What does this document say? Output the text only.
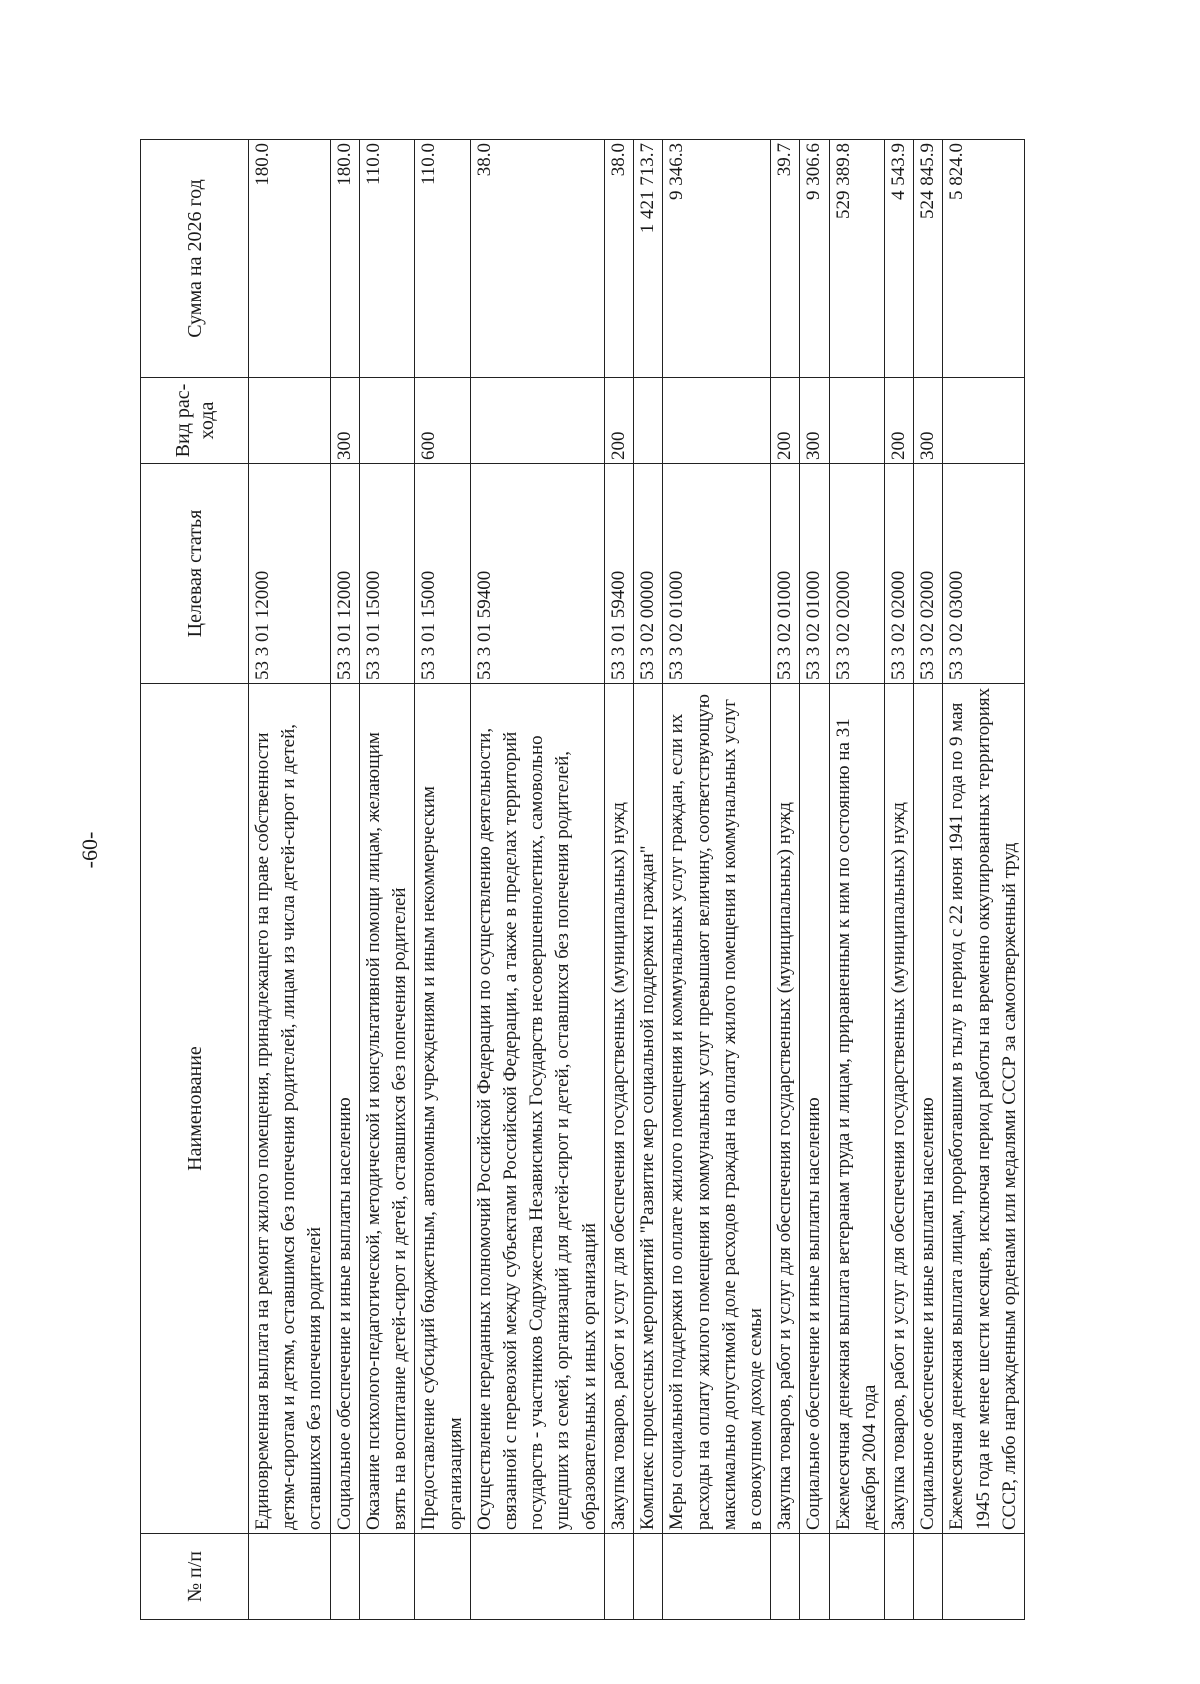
-60-
№ п/п	Наименование	Целевая статья	Вид рас-хода	Сумма на 2026 год
	Единовременная выплата на ремонт жилого помещения, принадлежащего на праве собственности детям-сиротам и детям, оставшимся без попечения родителей, лицам из числа детей-сирот и детей, оставшихся без попечения родителей	53 3 01 12000		180.0
	Социальное обеспечение и иные выплаты населению	53 3 01 12000	300	180.0
	Оказание психолого-педагогической, методической и консультативной помощи лицам, желающим взять на воспитание детей-сирот и детей, оставшихся без попечения родителей	53 3 01 15000		110.0
	Предоставление субсидий бюджетным, автономным учреждениям и иным некоммерческим организациям	53 3 01 15000	600	110.0
	Осуществление переданных полномочий Российской Федерации по осуществлению деятельности, связанной с перевозкой между субъектами Российской Федерации, а также в пределах территорий государств - участников Содружества Независимых Государств несовершеннолетних, самовольно ушедших из семей, организаций для детей-сирот и детей, оставшихся без попечения родителей, образовательных и иных организаций	53 3 01 59400		38.0
	Закупка товаров, работ и услуг для обеспечения государственных (муниципальных) нужд	53 3 01 59400	200	38.0
	Комплекс процессных мероприятий "Развитие мер социальной поддержки граждан"	53 3 02 00000		1 421 713.7
	Меры социальной поддержки по оплате жилого помещения и коммунальных услуг граждан, если их расходы на оплату жилого помещения и коммунальных услуг превышают величину, соответствующую максимально допустимой доле расходов граждан на оплату жилого помещения и коммунальных услуг в совокупном доходе семьи	53 3 02 01000		9 346.3
	Закупка товаров, работ и услуг для обеспечения государственных (муниципальных) нужд	53 3 02 01000	200	39.7
	Социальное обеспечение и иные выплаты населению	53 3 02 01000	300	9 306.6
	Ежемесячная денежная выплата ветеранам труда и лицам, приравненным к ним по состоянию на 31 декабря 2004 года	53 3 02 02000		529 389.8
	Закупка товаров, работ и услуг для обеспечения государственных (муниципальных) нужд	53 3 02 02000	200	4 543.9
	Социальное обеспечение и иные выплаты населению	53 3 02 02000	300	524 845.9
	Ежемесячная денежная выплата лицам, проработавшим в тылу в период с 22 июня 1941 года по 9 мая 1945 года не менее шести месяцев, исключая период работы на временно оккупированных территориях СССР, либо награжденным орденами или медалями СССР за самоотверженный труд	53 3 02 03000		5 824.0
